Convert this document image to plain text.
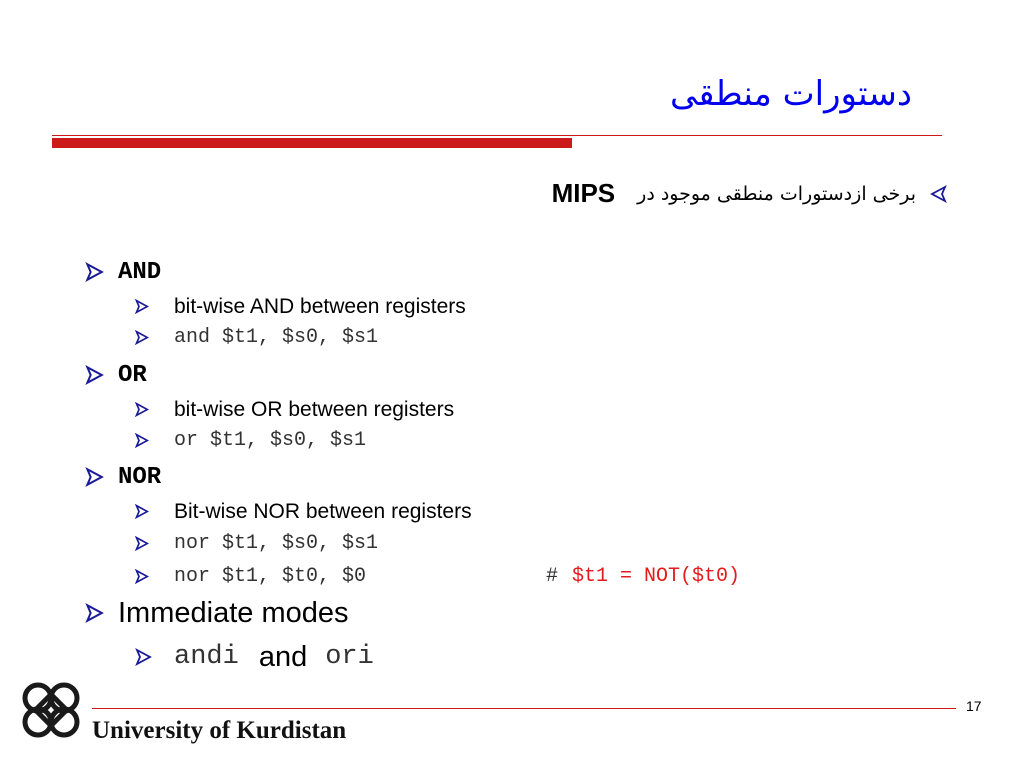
دستورات منطقی
برخی ازدستورات منطقی موجود در
MIPS

AND

bit-wise AND between registers

and $t1, $s0, $s1

OR

bit-wise OR between registers

or $t1, $s0, $s1

NOR

Bit-wise NOR between registers

nor $t1, $s0, $s1

nor $t1, $t0, $0	# $t1 = NOT($t0)

Immediate modes

andi and ori
17
University of Kurdistan
